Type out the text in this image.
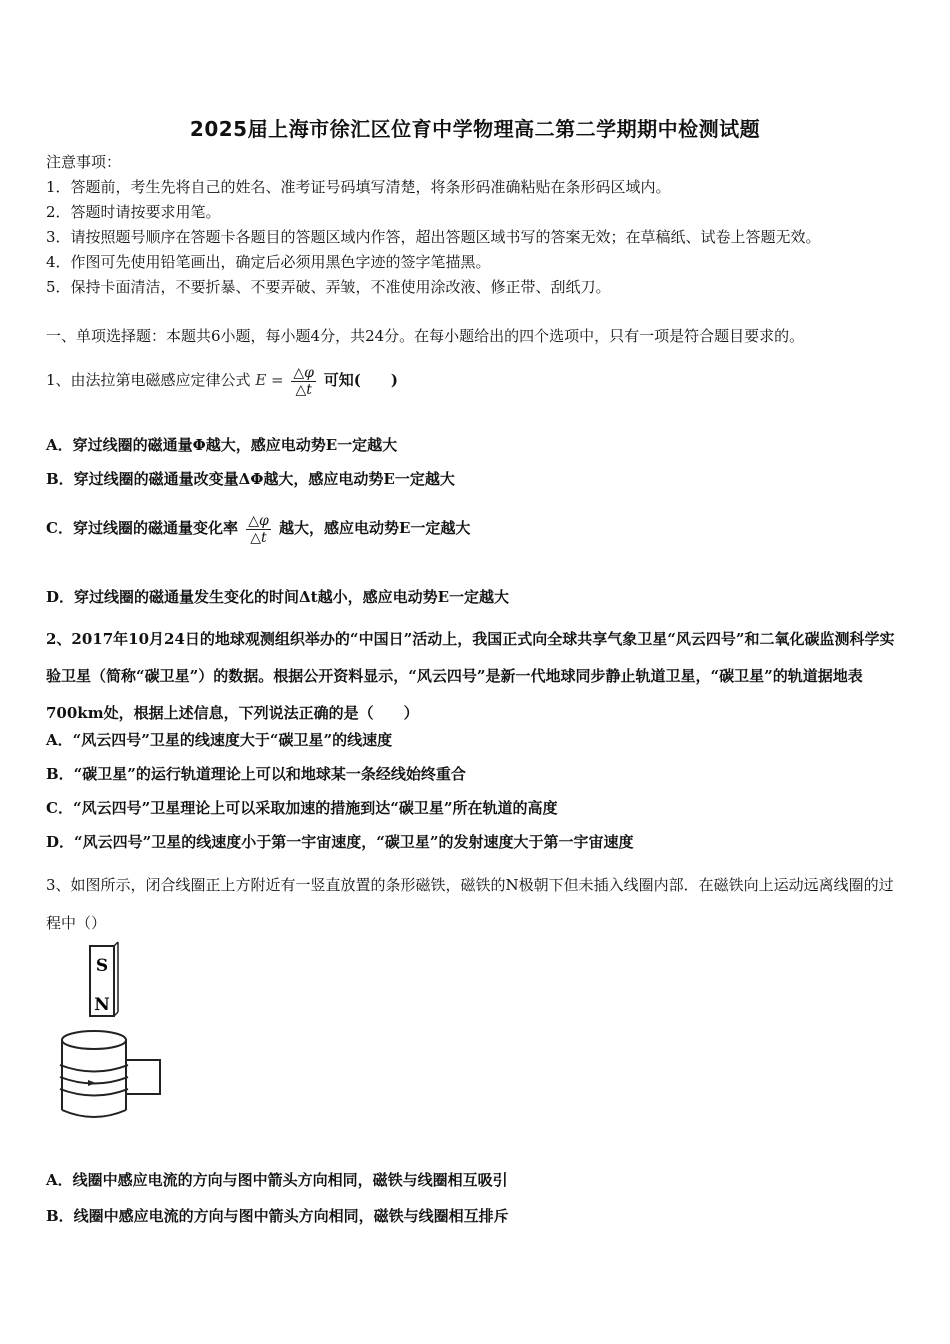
2025届上海市徐汇区位育中学物理高二第二学期期中检测试题
注意事项：
1．答题前，考生先将自己的姓名、准考证号码填写清楚，将条形码准确粘贴在条形码区域内。
2．答题时请按要求用笔。
3．请按照题号顺序在答题卡各题目的答题区域内作答，超出答题区域书写的答案无效；在草稿纸、试卷上答题无效。
4．作图可先使用铅笔画出，确定后必须用黑色字迹的签字笔描黑。
5．保持卡面清洁，不要折暴、不要弄破、弄皱，不准使用涂改液、修正带、刮纸刀。
一、单项选择题：本题共6小题，每小题4分，共24分。在每小题给出的四个选项中，只有一项是符合题目要求的。
1、由法拉第电磁感应定律公式 $E = \frac{\triangle\varphi}{\triangle t}$ 可知(　　)
A．穿过线圈的磁通量Φ越大，感应电动势E一定越大
B．穿过线圈的磁通量改变量ΔΦ越大，感应电动势E一定越大
C．穿过线圈的磁通量变化率 $\frac{\triangle\varphi}{\triangle t}$ 越大，感应电动势E一定越大
D．穿过线圈的磁通量发生变化的时间Δt越小，感应电动势E一定越大
2、2017年10月24日的地球观测组织举办的“中国日”活动上，我国正式向全球共享气象卫星“风云四号”和二氧化碳监测科学实验卫星（简称“碳卫星”）的数据。根据公开资料显示，“风云四号”是新一代地球同步静止轨道卫星，“碳卫星”的轨道据地表700km处，根据上述信息，下列说法正确的是（　　）
A．“风云四号”卫星的线速度大于“碳卫星”的线速度
B．“碳卫星”的运行轨道理论上可以和地球某一条经线始终重合
C．“风云四号”卫星理论上可以采取加速的措施到达“碳卫星”所在轨道的高度
D．“风云四号”卫星的线速度小于第一宇宙速度，“碳卫星”的发射速度大于第一宇宙速度
3、如图所示，闭合线圈正上方附近有一竖直放置的条形磁铁，磁铁的N极朝下但未插入线圈内部．在磁铁向上运动远离线圈的过程中（）
S
N
A．线圈中感应电流的方向与图中箭头方向相同，磁铁与线圈相互吸引
B．线圈中感应电流的方向与图中箭头方向相同，磁铁与线圈相互排斥
